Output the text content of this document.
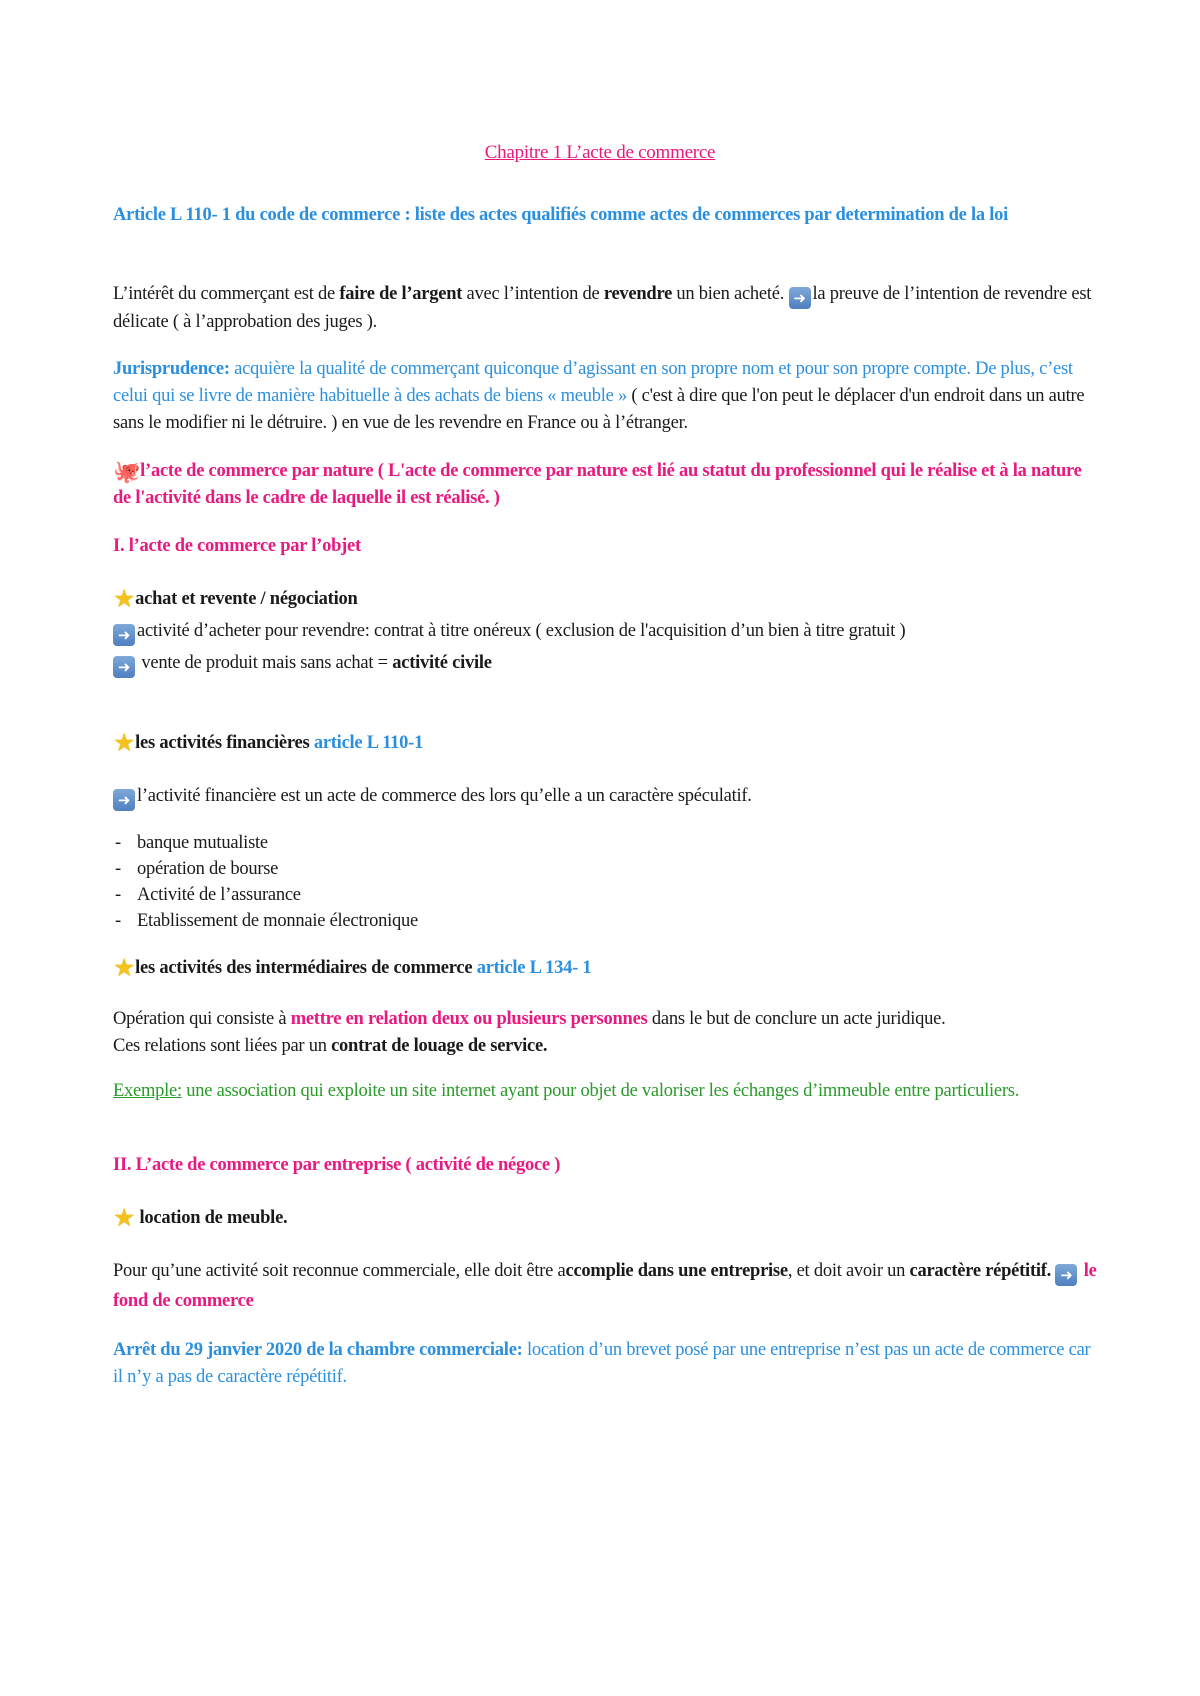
Chapitre 1 L’acte de commerce
Article L 110- 1 du code de commerce : liste des actes qualifiés comme actes de commerces par determination de la loi
L’intérêt du commerçant est de faire de l’argent avec l’intention de revendre un bien acheté. ➜ la preuve de l’intention de revendre est délicate ( à l’approbation des juges ).
Jurisprudence: acquière la qualité de commerçant quiconque d’agissant en son propre nom et pour son propre compte. De plus, c’est celui qui se livre de manière habituelle à des achats de biens « meuble » ( c'est à dire que l'on peut le déplacer d'un endroit dans un autre sans le modifier ni le détruire. ) en vue de les revendre en France ou à l’étranger.
🐙l’acte de commerce par nature ( L'acte de commerce par nature est lié au statut du professionnel qui le réalise et à la nature de l'activité dans le cadre de laquelle il est réalisé. )
I. l’acte de commerce par l’objet
★achat et revente / négociation
➜ activité d’acheter pour revendre: contrat à titre onéreux ( exclusion de l'acquisition d’un bien à titre gratuit )
➜ vente de produit mais sans achat = activité civile
★les activités financières article L 110-1
➜ l’activité financière est un acte de commerce des lors qu’elle a un caractère spéculatif.
- banque mutualiste
- opération de bourse
- Activité de l’assurance
- Etablissement de monnaie électronique
★les activités des intermédiaires de commerce article L 134- 1
Opération qui consiste à mettre en relation deux ou plusieurs personnes dans le but de conclure un acte juridique.
Ces relations sont liées par un contrat de louage de service.
Exemple: une association qui exploite un site internet ayant pour objet de valoriser les échanges d’immeuble entre particuliers.
II. L’acte de commerce par entreprise ( activité de négoce )
★ location de meuble.
Pour qu’une activité soit reconnue commerciale, elle doit être accomplie dans une entreprise, et doit avoir un caractère répétitif. ➜ le fond de commerce
Arrêt du 29 janvier 2020 de la chambre commerciale: location d’un brevet posé par une entreprise n’est pas un acte de commerce car il n’y a pas de caractère répétitif.
